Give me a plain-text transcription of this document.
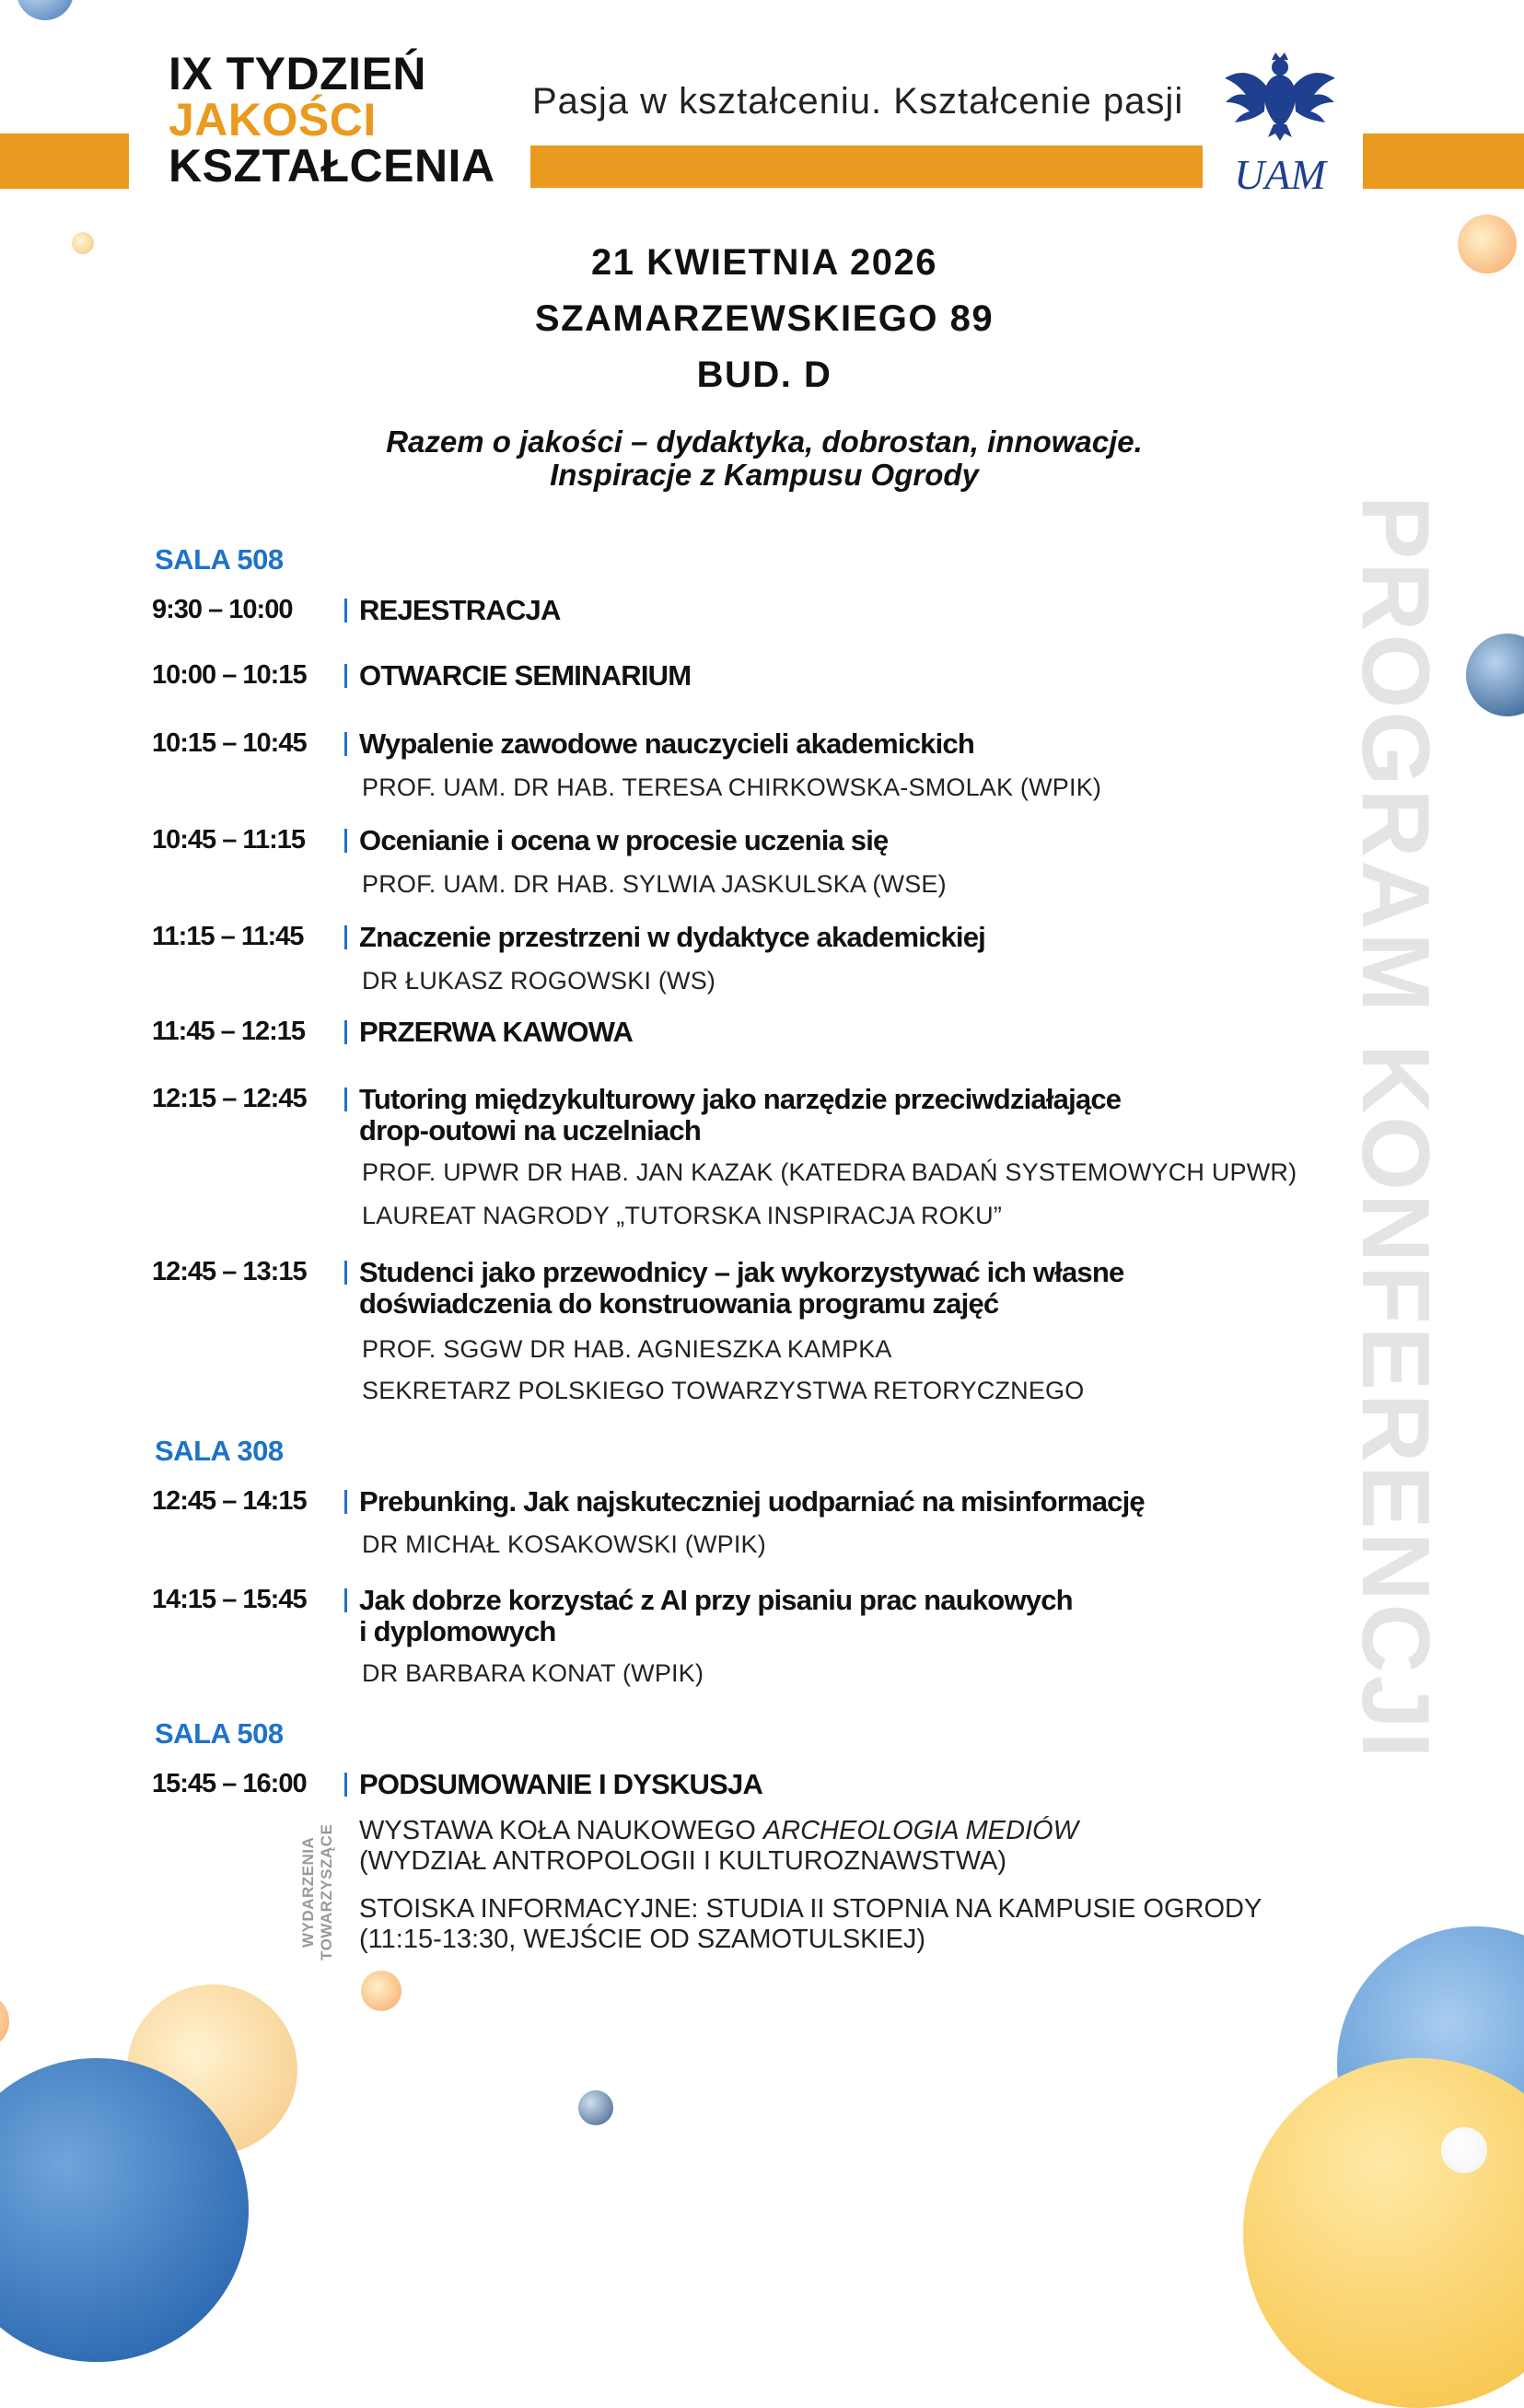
IX TYDZIEŃ
JAKOŚCI
KSZTAŁCENIA
Pasja w kształceniu. Kształcenie pasji
UAM
21 KWIETNIA 2026
SZAMARZEWSKIEGO 89
BUD. D
Razem o jakości – dydaktyka, dobrostan, innowacje.
Inspiracje z Kampusu Ogrody
PROGRAM KONFERENCJI
SALA 508
9:30 – 10:00 REJESTRACJA
10:00 – 10:15 OTWARCIE SEMINARIUM
10:15 – 10:45 Wypalenie zawodowe nauczycieli akademickich
PROF. UAM. DR HAB. TERESA CHIRKOWSKA-SMOLAK (WPIK)
10:45 – 11:15 Ocenianie i ocena w procesie uczenia się
PROF. UAM. DR HAB. SYLWIA JASKULSKA (WSE)
11:15 – 11:45 Znaczenie przestrzeni w dydaktyce akademickiej
DR ŁUKASZ ROGOWSKI (WS)
11:45 – 12:15 PRZERWA KAWOWA
12:15 – 12:45 Tutoring międzykulturowy jako narzędzie przeciwdziałające
drop-outowi na uczelniach
PROF. UPWR DR HAB. JAN KAZAK (KATEDRA BADAŃ SYSTEMOWYCH UPWR)
LAUREAT NAGRODY „TUTORSKA INSPIRACJA ROKU”
12:45 – 13:15 Studenci jako przewodnicy – jak wykorzystywać ich własne
doświadczenia do konstruowania programu zajęć
PROF. SGGW DR HAB. AGNIESZKA KAMPKA
SEKRETARZ POLSKIEGO TOWARZYSTWA RETORYCZNEGO
SALA 308
12:45 – 14:15 Prebunking. Jak najskuteczniej uodparniać na misinformację
DR MICHAŁ KOSAKOWSKI (WPIK)
14:15 – 15:45 Jak dobrze korzystać z AI przy pisaniu prac naukowych
i dyplomowych
DR BARBARA KONAT (WPIK)
SALA 508
15:45 – 16:00 PODSUMOWANIE I DYSKUSJA
WYDARZENIA TOWARZYSZĄCE WYSTAWA KOŁA NAUKOWEGO ARCHEOLOGIA MEDIÓW
(WYDZIAŁ ANTROPOLOGII I KULTUROZNAWSTWA)
STOISKA INFORMACYJNE: STUDIA II STOPNIA NA KAMPUSIE OGRODY
(11:15-13:30, WEJŚCIE OD SZAMOTULSKIEJ)
